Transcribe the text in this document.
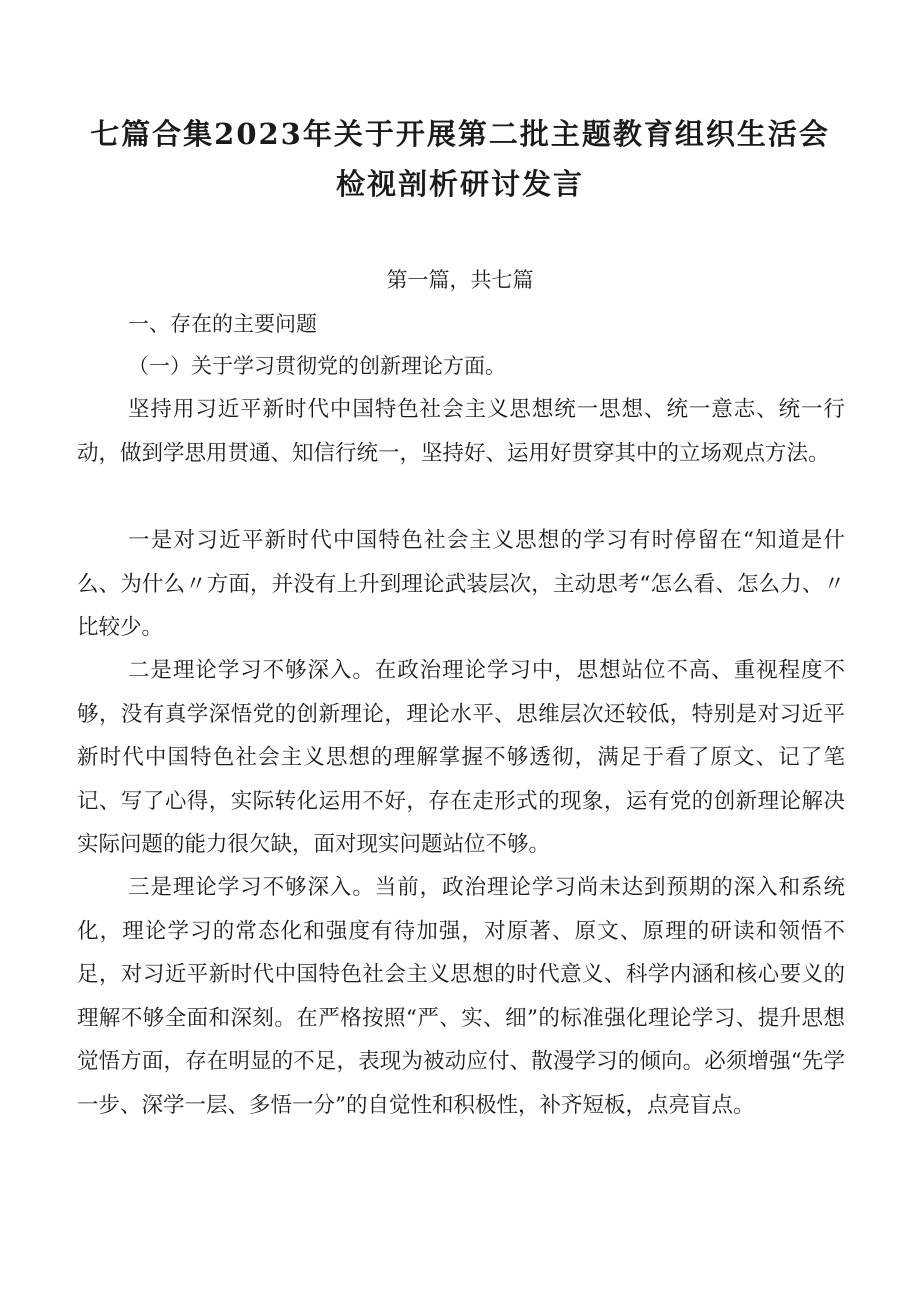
七篇合集2023年关于开展第二批主题教育组织生活会
检视剖析研讨发言
第一篇，共七篇
一、存在的主要问题
（一）关于学习贯彻党的创新理论方面。

坚持用习近平新时代中国特色社会主义思想统一思想、统一意志、统一行动，做到学思用贯通、知信行统一，坚持好、运用好贯穿其中的立场观点方法。

一是对习近平新时代中国特色社会主义思想的学习有时停留在“知道是什么、为什么〃方面，并没有上升到理论武装层次，主动思考“怎么看、怎么力、〃比较少。

二是理论学习不够深入。在政治理论学习中，思想站位不高、重视程度不够，没有真学深悟党的创新理论，理论水平、思维层次还较低，特别是对习近平新时代中国特色社会主义思想的理解掌握不够透彻，满足于看了原文、记了笔记、写了心得，实际转化运用不好，存在走形式的现象，运有党的创新理论解决实际问题的能力很欠缺，面对现实问题站位不够。

三是理论学习不够深入。当前，政治理论学习尚未达到预期的深入和系统化，理论学习的常态化和强度有待加强，对原著、原文、原理的研读和领悟不足，对习近平新时代中国特色社会主义思想的时代意义、科学内涵和核心要义的理解不够全面和深刻。在严格按照“严、实、细”的标准强化理论学习、提升思想觉悟方面，存在明显的不足，表现为被动应付、散漫学习的倾向。必须增强“先学一步、深学一层、多悟一分”的自觉性和积极性，补齐短板，点亮盲点。
